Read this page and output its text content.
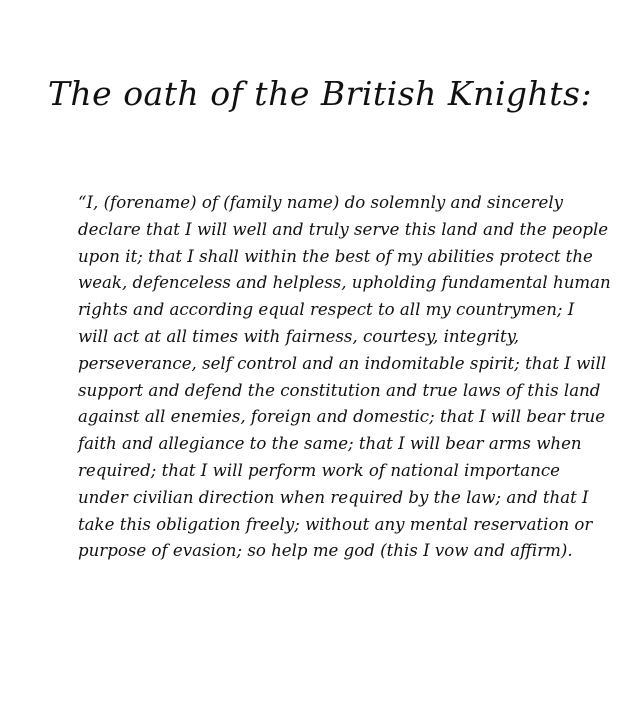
The oath of the British Knights:

“I, (forename) of (family name) do solemnly and sincerely
declare that I will well and truly serve this land and the people
upon it; that I shall within the best of my abilities protect the
weak, defenceless and helpless, upholding fundamental human
rights and according equal respect to all my countrymen; I
will act at all times with fairness, courtesy, integrity,
perseverance, self control and an indomitable spirit; that I will
support and defend the constitution and true laws of this land
against all enemies, foreign and domestic; that I will bear true
faith and allegiance to the same; that I will bear arms when
required; that I will perform work of national importance
under civilian direction when required by the law; and that I
take this obligation freely; without any mental reservation or
purpose of evasion; so help me god (this I vow and affirm).
